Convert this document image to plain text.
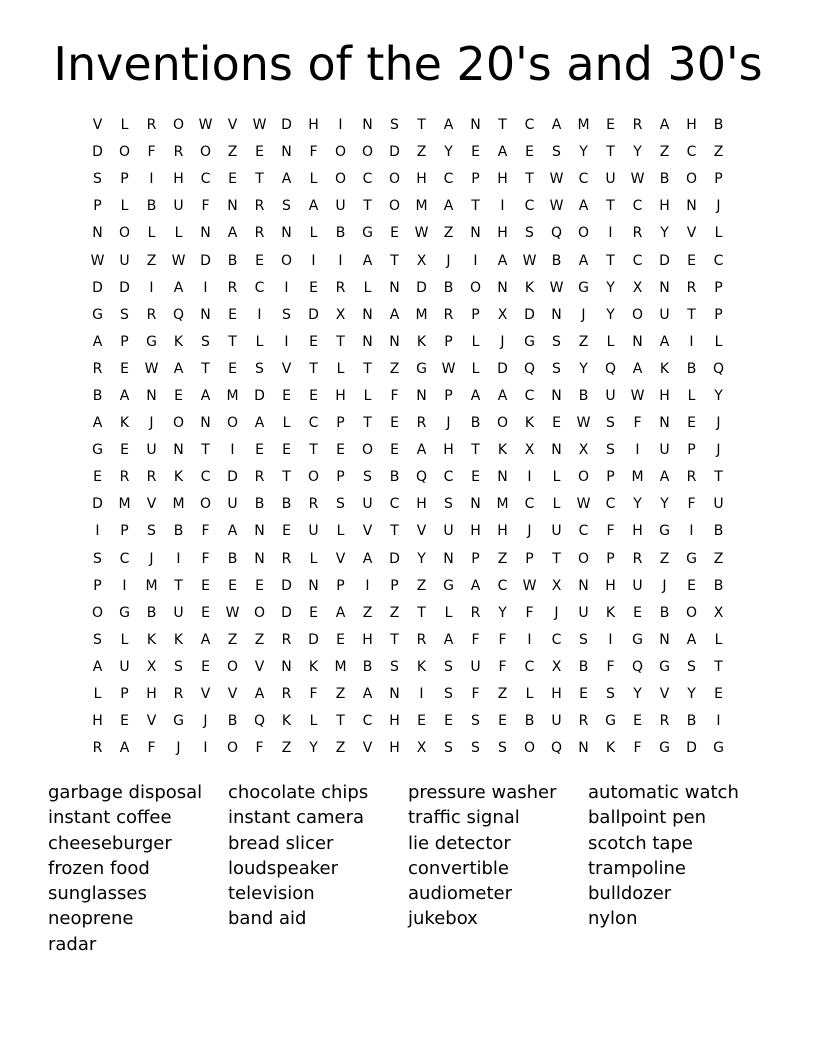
Inventions of the 20's and 30's
V	L	R	O	W	V	W	D	H	I	N	S	T	A	N	T	C	A	M	E	R	A	H	B
D	O	F	R	O	Z	E	N	F	O	O	D	Z	Y	E	A	E	S	Y	T	Y	Z	C	Z
S	P	I	H	C	E	T	A	L	O	C	O	H	C	P	H	T	W	C	U	W	B	O	P
P	L	B	U	F	N	R	S	A	U	T	O	M	A	T	I	C	W	A	T	C	H	N	J
N	O	L	L	N	A	R	N	L	B	G	E	W	Z	N	H	S	Q	O	I	R	Y	V	L
W	U	Z	W	D	B	E	O	I	I	A	T	X	J	I	A	W	B	A	T	C	D	E	C
D	D	I	A	I	R	C	I	E	R	L	N	D	B	O	N	K	W	G	Y	X	N	R	P
G	S	R	Q	N	E	I	S	D	X	N	A	M	R	P	X	D	N	J	Y	O	U	T	P
A	P	G	K	S	T	L	I	E	T	N	N	K	P	L	J	G	S	Z	L	N	A	I	L
R	E	W	A	T	E	S	V	T	L	T	Z	G	W	L	D	Q	S	Y	Q	A	K	B	Q
B	A	N	E	A	M	D	E	E	H	L	F	N	P	A	A	C	N	B	U	W	H	L	Y
A	K	J	O	N	O	A	L	C	P	T	E	R	J	B	O	K	E	W	S	F	N	E	J
G	E	U	N	T	I	E	E	T	E	O	E	A	H	T	K	X	N	X	S	I	U	P	J
E	R	R	K	C	D	R	T	O	P	S	B	Q	C	E	N	I	L	O	P	M	A	R	T
D	M	V	M	O	U	B	B	R	S	U	C	H	S	N	M	C	L	W	C	Y	Y	F	U
I	P	S	B	F	A	N	E	U	L	V	T	V	U	H	H	J	U	C	F	H	G	I	B
S	C	J	I	F	B	N	R	L	V	A	D	Y	N	P	Z	P	T	O	P	R	Z	G	Z
P	I	M	T	E	E	E	D	N	P	I	P	Z	G	A	C	W	X	N	H	U	J	E	B
O	G	B	U	E	W	O	D	E	A	Z	Z	T	L	R	Y	F	J	U	K	E	B	O	X
S	L	K	K	A	Z	Z	R	D	E	H	T	R	A	F	F	I	C	S	I	G	N	A	L
A	U	X	S	E	O	V	N	K	M	B	S	K	S	U	F	C	X	B	F	Q	G	S	T
L	P	H	R	V	V	A	R	F	Z	A	N	I	S	F	Z	L	H	E	S	Y	V	Y	E
H	E	V	G	J	B	Q	K	L	T	C	H	E	E	S	E	B	U	R	G	E	R	B	I
R	A	F	J	I	O	F	Z	Y	Z	V	H	X	S	S	S	O	Q	N	K	F	G	D	G
garbage disposal
instant coffee
cheeseburger
frozen food
sunglasses
neoprene
radar
chocolate chips
instant camera
bread slicer
loudspeaker
television
band aid
pressure washer
traffic signal
lie detector
convertible
audiometer
jukebox
automatic watch
ballpoint pen
scotch tape
trampoline
bulldozer
nylon
